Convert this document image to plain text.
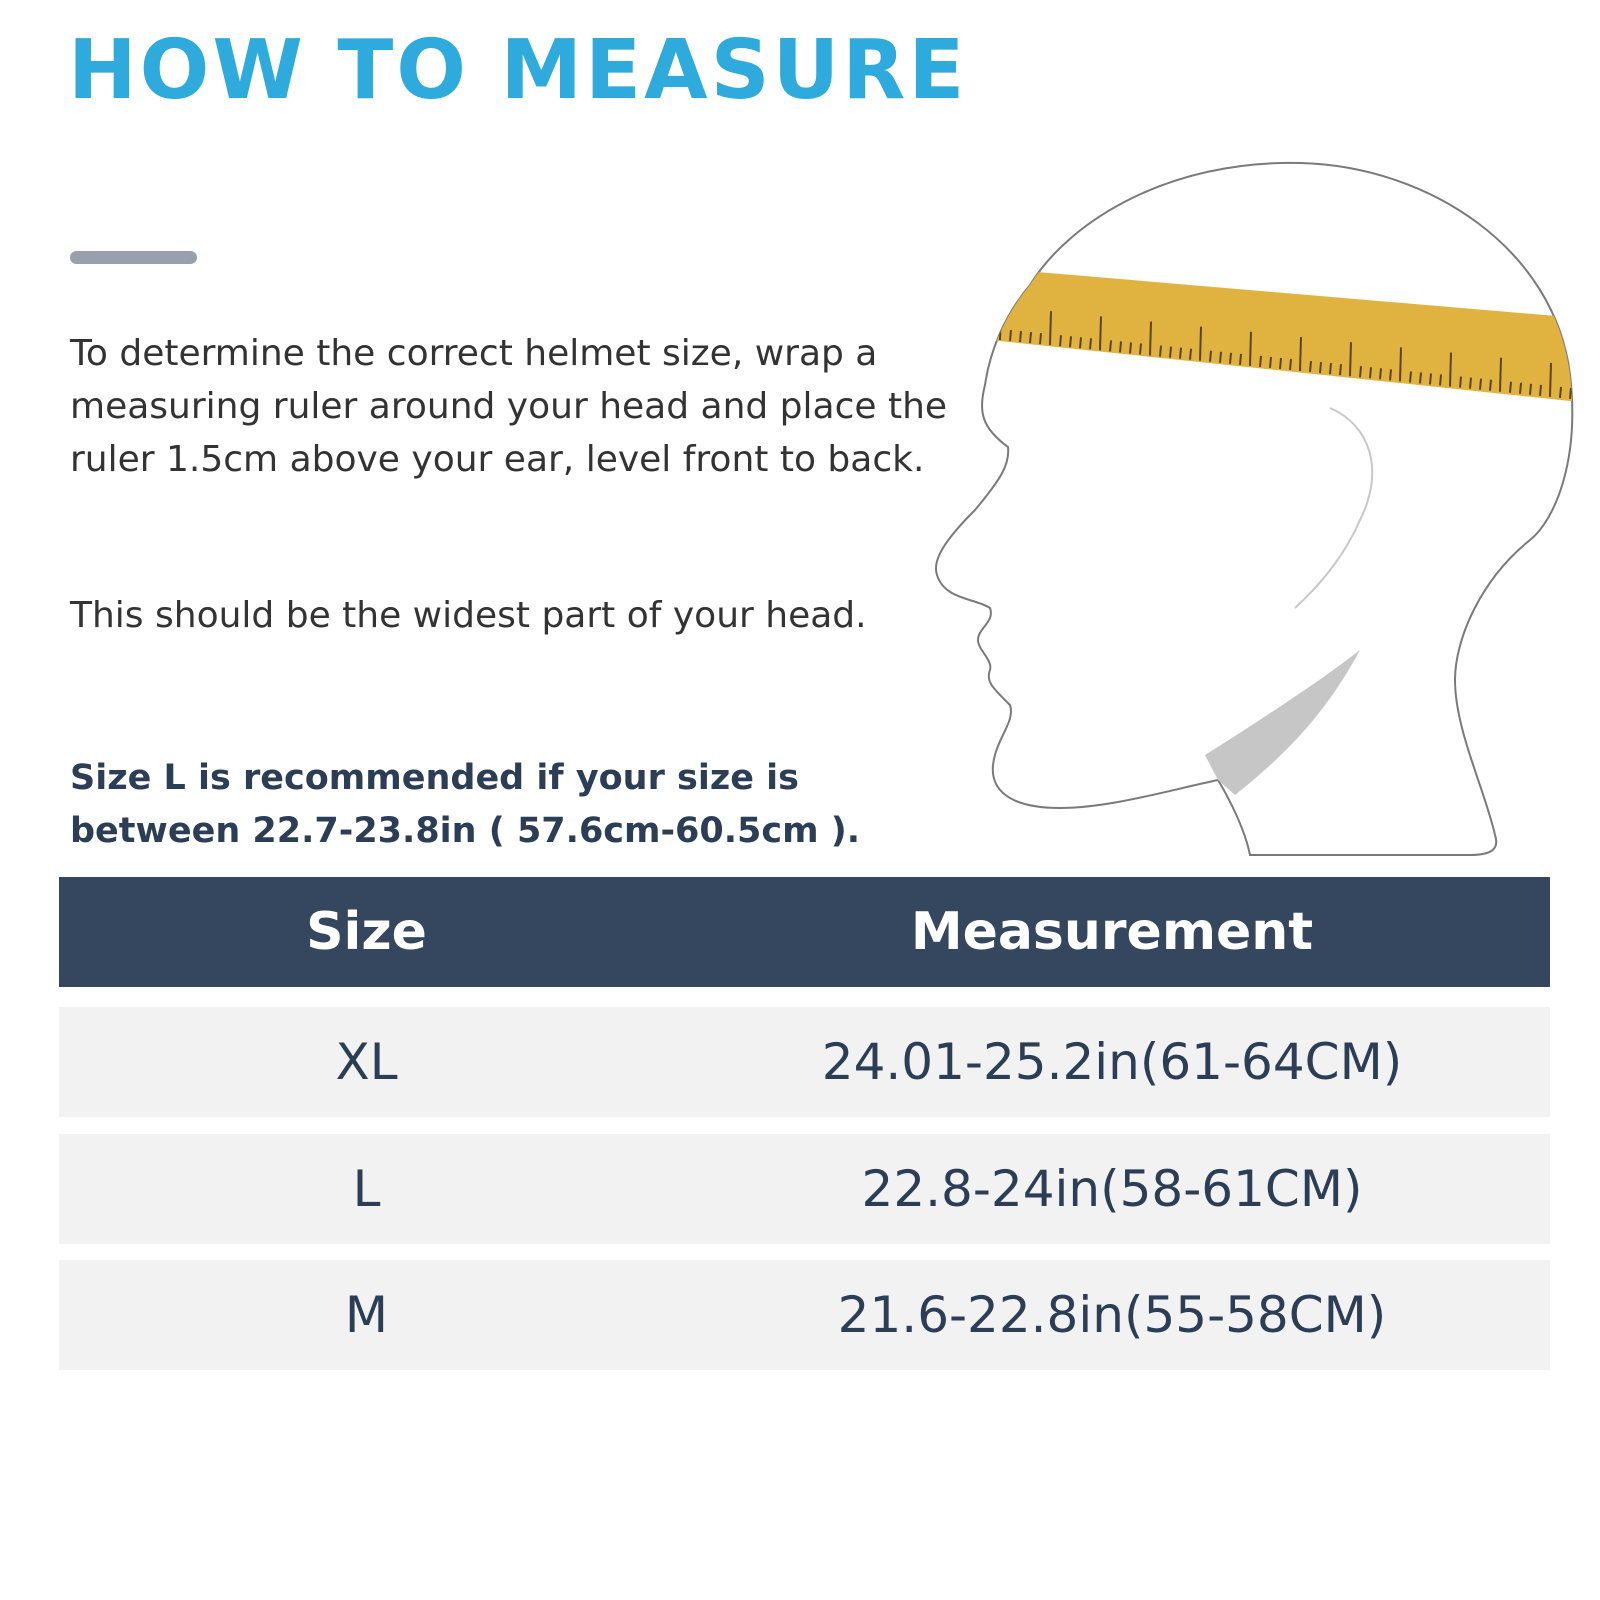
HOW TO MEASURE

To determine the correct helmet size, wrap a measuring ruler around your head and place the ruler 1.5cm above your ear, level front to back.

This should be the widest part of your head.

Size L is recommended if your size is between 22.7-23.8in ( 57.6cm-60.5cm ).

Size	Measurement
XL	24.01-25.2in(61-64CM)
L	22.8-24in(58-61CM)
M	21.6-22.8in(55-58CM)
